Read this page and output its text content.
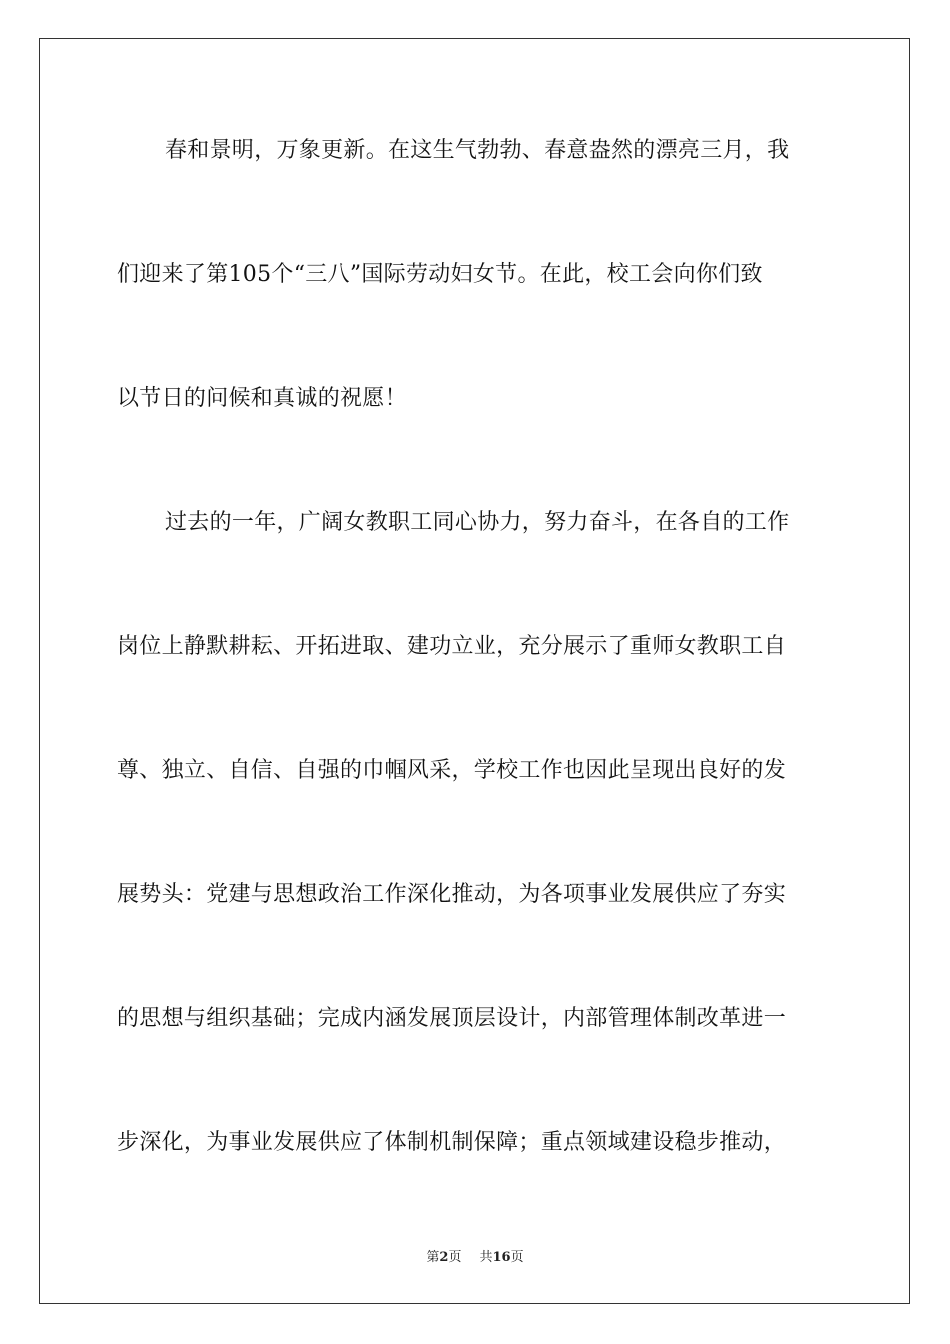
春和景明，万象更新。在这生气勃勃、春意盎然的漂亮三月，我
们迎来了第105个“三八”国际劳动妇女节。在此，校工会向你们致
以节日的问候和真诚的祝愿！
过去的一年，广阔女教职工同心协力，努力奋斗，在各自的工作
岗位上静默耕耘、开拓进取、建功立业，充分展示了重师女教职工自
尊、独立、自信、自强的巾帼风采，学校工作也因此呈现出良好的发
展势头：党建与思想政治工作深化推动，为各项事业发展供应了夯实
的思想与组织基础；完成内涵发展顶层设计，内部管理体制改革进一
步深化，为事业发展供应了体制机制保障；重点领域建设稳步推动，
第2页 共16页
